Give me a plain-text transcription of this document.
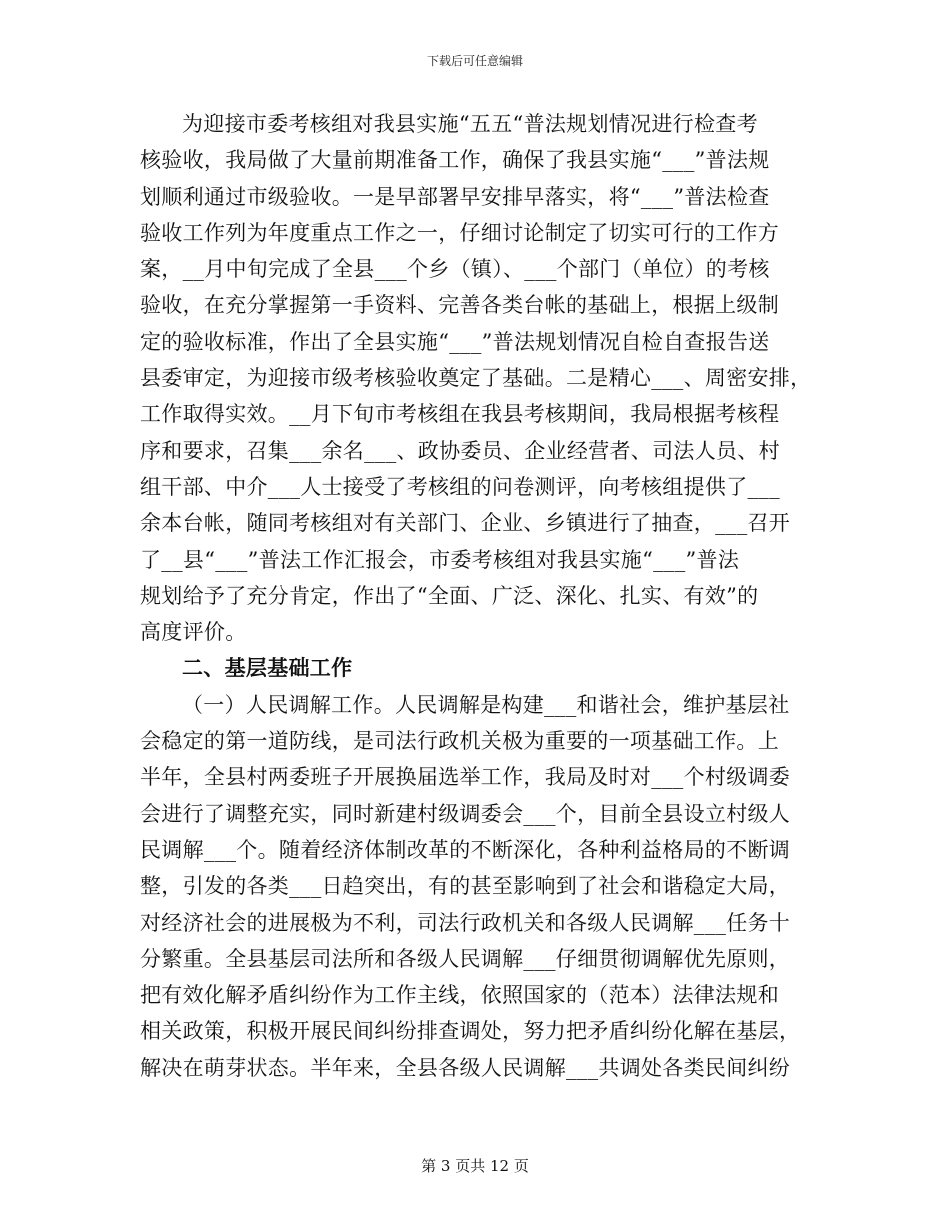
下载后可任意编辑
为迎接市委考核组对我县实施“五五“普法规划情况进行检查考
核验收，我局做了大量前期准备工作，确保了我县实施“___”普法规
划顺利通过市级验收。一是早部署早安排早落实，将“___”普法检查
验收工作列为年度重点工作之一，仔细讨论制定了切实可行的工作方
案，__月中旬完成了全县___个乡（镇）、___个部门（单位）的考核
验收，在充分掌握第一手资料、完善各类台帐的基础上，根据上级制
定的验收标准，作出了全县实施“___”普法规划情况自检自查报告送
县委审定，为迎接市级考核验收奠定了基础。二是精心___、周密安排，
工作取得实效。__月下旬市考核组在我县考核期间，我局根据考核程
序和要求，召集___余名___、政协委员、企业经营者、司法人员、村
组干部、中介___人士接受了考核组的问卷测评，向考核组提供了___
余本台帐，随同考核组对有关部门、企业、乡镇进行了抽查，___召开
了__县“___”普法工作汇报会，市委考核组对我县实施“___”普法
规划给予了充分肯定，作出了“全面、广泛、深化、扎实、有效”的
高度评价。
二、基层基础工作
（一）人民调解工作。人民调解是构建___和谐社会，维护基层社
会稳定的第一道防线，是司法行政机关极为重要的一项基础工作。上
半年，全县村两委班子开展换届选举工作，我局及时对___个村级调委
会进行了调整充实，同时新建村级调委会___个，目前全县设立村级人
民调解___个。随着经济体制改革的不断深化，各种利益格局的不断调
整，引发的各类___日趋突出，有的甚至影响到了社会和谐稳定大局，
对经济社会的进展极为不利，司法行政机关和各级人民调解___任务十
分繁重。全县基层司法所和各级人民调解___仔细贯彻调解优先原则，
把有效化解矛盾纠纷作为工作主线，依照国家的（范本）法律法规和
相关政策，积极开展民间纠纷排查调处，努力把矛盾纠纷化解在基层，
解决在萌芽状态。半年来，全县各级人民调解___共调处各类民间纠纷
第 3 页共 12 页
